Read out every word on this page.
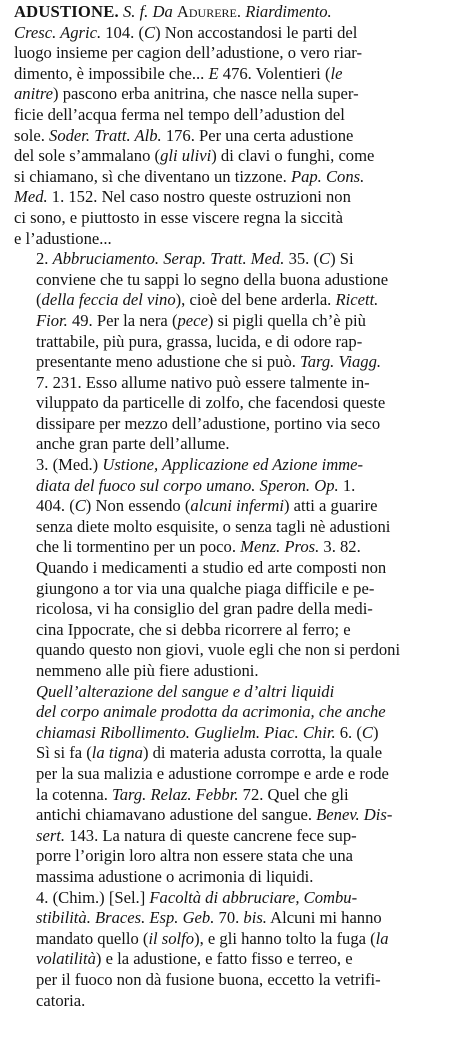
ADUSTIONE. S. f. Da Adurere. Riardimento.
Cresc. Agric. 104. (C) Non accostandosi le parti del
luogo insieme per cagion dell’adustione, o vero riar-
dimento, è impossibile che... E 476. Volentieri (le
anitre) pascono erba anitrina, che nasce nella super-
ficie dell’acqua ferma nel tempo dell’adustion del
sole. Soder. Tratt. Alb. 176. Per una certa adustione
del sole s’ammalano (gli ulivi) di clavi o funghi, come
si chiamano, sì che diventano un tizzone. Pap. Cons.
Med. 1. 152. Nel caso nostro queste ostruzioni non
ci sono, e piuttosto in esse viscere regna la siccità
e l’adustione...
2. Abbruciamento. Serap. Tratt. Med. 35. (C) Si
conviene che tu sappi lo segno della buona adustione
(della feccia del vino), cioè del bene arderla. Ricett.
Fior. 49. Per la nera (pece) si pigli quella ch’è più
trattabile, più pura, grassa, lucida, e di odore rap-
presentante meno adustione che si può. Targ. Viagg.
7. 231. Esso allume nativo può essere talmente in-
viluppato da particelle di zolfo, che facendosi queste
dissipare per mezzo dell’adustione, portino via seco
anche gran parte dell’allume.
3. (Med.) Ustione, Applicazione ed Azione imme-
diata del fuoco sul corpo umano. Speron. Op. 1.
404. (C) Non essendo (alcuni infermi) atti a guarire
senza diete molto esquisite, o senza tagli nè adustioni
che li tormentino per un poco. Menz. Pros. 3. 82.
Quando i medicamenti a studio ed arte composti non
giungono a tor via una qualche piaga difficile e pe-
ricolosa, vi ha consiglio del gran padre della medi-
cina Ippocrate, che si debba ricorrere al ferro; e
quando questo non giovi, vuole egli che non si perdoni
nemmeno alle più fiere adustioni.
Quell’alterazione del sangue e d’altri liquidi
del corpo animale prodotta da acrimonia, che anche
chiamasi Ribollimento. Guglielm. Piac. Chir. 6. (C)
Sì si fa (la tigna) di materia adusta corrotta, la quale
per la sua malizia e adustione corrompe e arde e rode
la cotenna. Targ. Relaz. Febbr. 72. Quel che gli
antichi chiamavano adustione del sangue. Benev. Dis-
sert. 143. La natura di queste cancrene fece sup-
porre l’origin loro altra non essere stata che una
massima adustione o acrimonia di liquidi.
4. (Chim.) [Sel.] Facoltà di abbruciare, Combu-
stibilità. Braces. Esp. Geb. 70. bis. Alcuni mi hanno
mandato quello (il solfo), e gli hanno tolto la fuga (la
volatilità) e la adustione, e fatto fisso e terreo, e
per il fuoco non dà fusione buona, eccetto la vetrifi-
catoria.
